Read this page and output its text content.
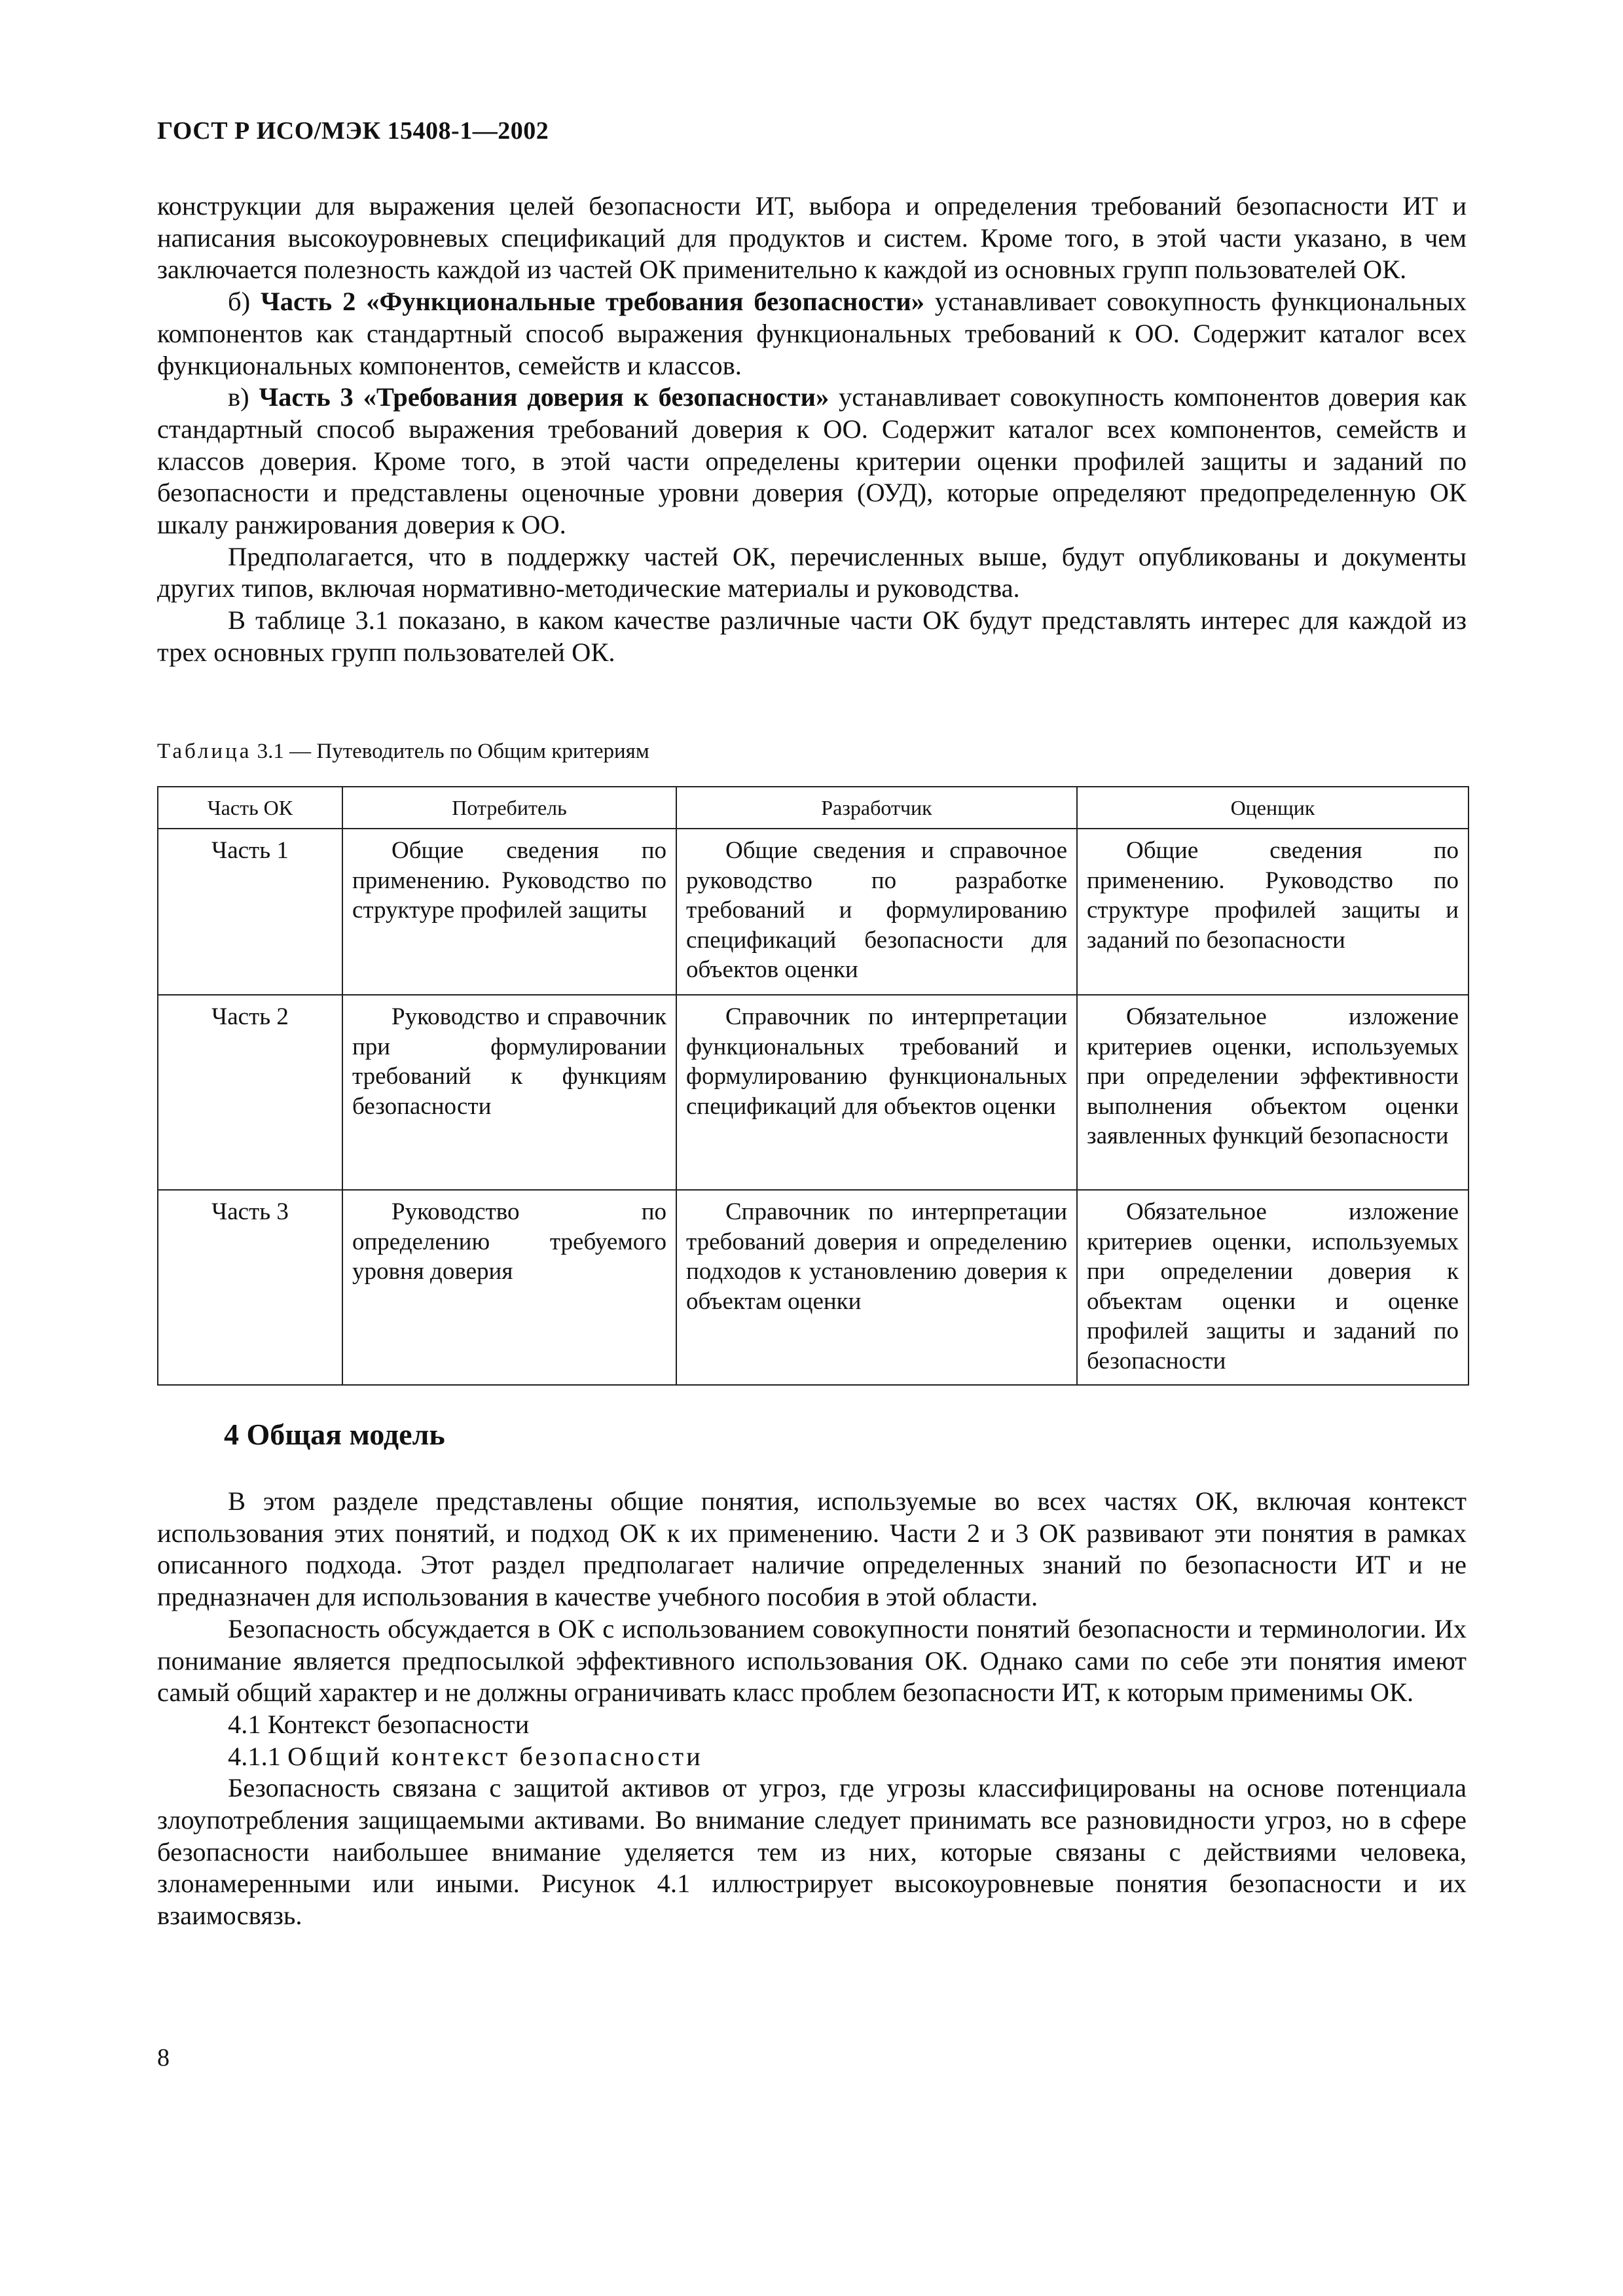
ГОСТ Р ИСО/МЭК 15408-1—2002

конструкции для выражения целей безопасности ИТ, выбора и определения требований безопасности ИТ и написания высокоуровневых спецификаций для продуктов и систем. Кроме того, в этой части указано, в чем заключается полезность каждой из частей ОК применительно к каждой из основных групп пользователей ОК.

б) Часть 2 «Функциональные требования безопасности» устанавливает совокупность функциональных компонентов как стандартный способ выражения функциональных требований к ОО. Содержит каталог всех функциональных компонентов, семейств и классов.

в) Часть 3 «Требования доверия к безопасности» устанавливает совокупность компонентов доверия как стандартный способ выражения требований доверия к ОО. Содержит каталог всех компонентов, семейств и классов доверия. Кроме того, в этой части определены критерии оценки профилей защиты и заданий по безопасности и представлены оценочные уровни доверия (ОУД), которые определяют предопределенную ОК шкалу ранжирования доверия к ОО.

Предполагается, что в поддержку частей ОК, перечисленных выше, будут опубликованы и документы других типов, включая нормативно-методические материалы и руководства.

В таблице 3.1 показано, в каком качестве различные части ОК будут представлять интерес для каждой из трех основных групп пользователей ОК.

Таблица 3.1 — Путеводитель по Общим критериям
Часть ОК	Потребитель	Разработчик	Оценщик
Часть 1	Общие сведения по применению. Руководство по структуре профилей защиты	Общие сведения и справочное руководство по разработке требований и формулированию спецификаций безопасности для объектов оценки	Общие сведения по применению. Руководство по структуре профилей защиты и заданий по безопасности

Часть 2	Руководство и справочник при формулировании требований к функциям безопасности	Справочник по интерпретации функциональных требований и формулированию функциональных спецификаций для объектов оценки	Обязательное изложение критериев оценки, используемых при определении эффективности выполнения объектом оценки заявленных функций безопасности

Часть 3	Руководство по определению требуемого уровня доверия	Справочник по интерпретации требований доверия и определению подходов к установлению доверия к объектам оценки	Обязательное изложение критериев оценки, используемых при определении доверия к объектам оценки и оценке профилей защиты и заданий по безопасности
4 Общая модель

В этом разделе представлены общие понятия, используемые во всех частях ОК, включая контекст использования этих понятий, и подход ОК к их применению. Части 2 и 3 ОК развивают эти понятия в рамках описанного подхода. Этот раздел предполагает наличие определенных знаний по безопасности ИТ и не предназначен для использования в качестве учебного пособия в этой области.

Безопасность обсуждается в ОК с использованием совокупности понятий безопасности и терминологии. Их понимание является предпосылкой эффективного использования ОК. Однако сами по себе эти понятия имеют самый общий характер и не должны ограничивать класс проблем безопасности ИТ, к которым применимы ОК.

4.1 Контекст безопасности

4.1.1 Общий контекст безопасности

Безопасность связана с защитой активов от угроз, где угрозы классифицированы на основе потенциала злоупотребления защищаемыми активами. Во внимание следует принимать все разновидности угроз, но в сфере безопасности наибольшее внимание уделяется тем из них, которые связаны с действиями человека, злонамеренными или иными. Рисунок 4.1 иллюстрирует высокоуровневые понятия безопасности и их взаимосвязь.

8
